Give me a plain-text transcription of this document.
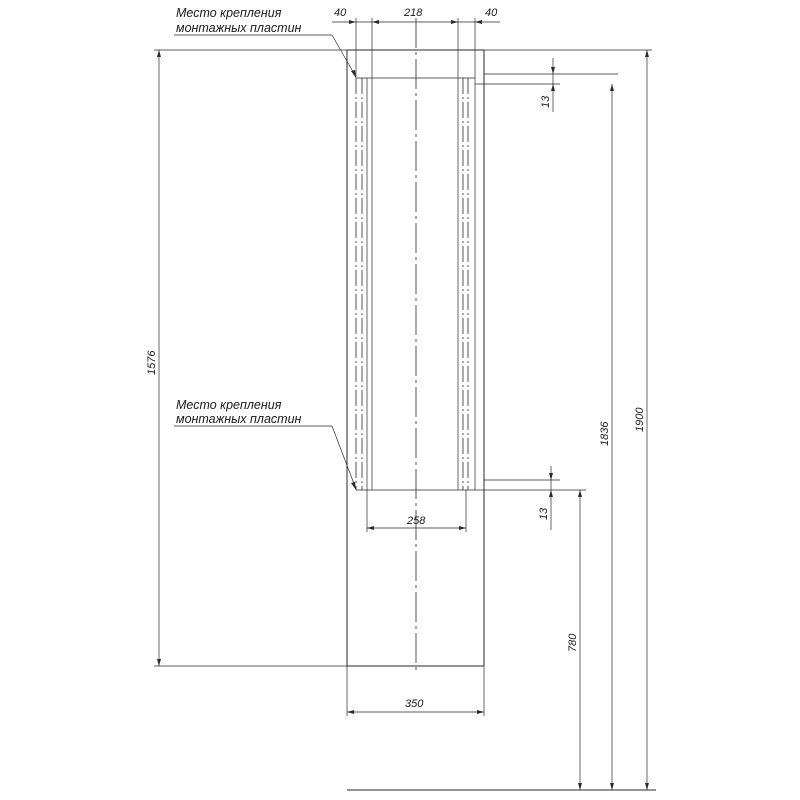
40	218	40
Место крепления
монтажных пластин
Место крепления
монтажных пластин
13
13
258
350
1576
1836
1900
780
